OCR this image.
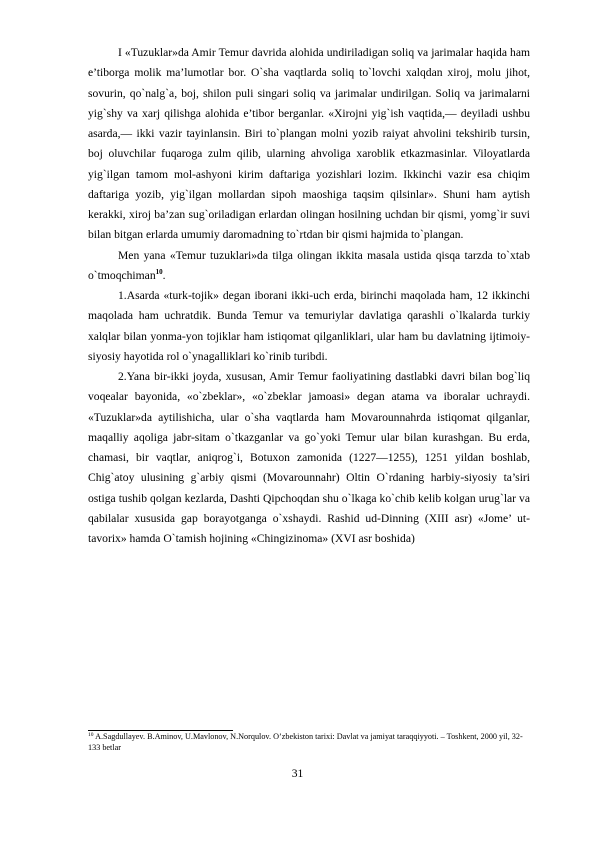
I «Tuzuklar»da Amir Temur davrida alohida undiriladigan soliq va jarimalar haqida ham e’tiborga molik ma’lumotlar bor. O`sha vaqtlarda soliq to`lovchi xalqdan xiroj, molu jihot, sovurin, qo`nalg`a, boj, shilon puli singari soliq va jarimalar undirilgan. Soliq va jarimalarni yig`shy va xarj qilishga alohida e’tibor berganlar. «Xirojni yig`ish vaqtida,— deyiladi ushbu asarda,— ikki vazir tayinlansin. Biri to`plangan molni yozib raiyat ahvolini tekshirib tursin, boj oluvchilar fuqaroga zulm qilib, ularning ahvoliga xaroblik etkazmasinlar. Viloyatlarda yig`ilgan tamom mol-ashyoni kirim daftariga yozishlari lozim. Ikkinchi vazir esa chiqim daftariga yozib, yig`ilgan mollardan sipoh maoshiga taqsim qilsinlar». Shuni ham aytish kerakki, xiroj ba’zan sug`oriladigan erlardan olingan hosilning uchdan bir qismi, yomg`ir suvi bilan bitgan erlarda umumiy daromadning to`rtdan bir qismi hajmida to`plangan.

Men yana «Temur tuzuklari»da tilga olingan ikkita masala ustida qisqa tarzda to`xtab o`tmoqchiman$^{10}$.

1.Asarda «turk-tojik» degan iborani ikki-uch erda, birinchi maqolada ham, 12 ikkinchi maqolada ham uchratdik. Bunda Temur va temuriylar davlatiga qarashli o`lkalarda turkiy xalqlar bilan yonma-yon tojiklar ham istiqomat qilganliklari, ular ham bu davlatning ijtimoiy-siyosiy hayotida rol o`ynagalliklari ko`rinib turibdi.

2.Yana bir-ikki joyda, xususan, Amir Temur faoliyatining dastlabki davri bilan bog`liq voqealar bayonida, «o`zbeklar», «o`zbeklar jamoasi» degan atama va iboralar uchraydi. «Tuzuklar»da aytilishicha, ular o`sha vaqtlarda ham Movarounnahrda istiqomat qilganlar, maqalliy aqoliga jabr-sitam o`tkazganlar va go`yoki Temur ular bilan kurashgan. Bu erda, chamasi, bir vaqtlar, aniqrog`i, Botuxon zamonida (1227—1255), 1251 yildan boshlab, Chig`atoy ulusining g`arbiy qismi (Movarounnahr) Oltin O`rdaning harbiy-siyosiy ta’siri ostiga tushib qolgan kezlarda, Dashti Qipchoqdan shu o`lkaga ko`chib kelib kolgan urug`lar va qabilalar xususida gap borayotganga o`xshaydi. Rashid ud-Dinning (XIII asr) «Jome’ ut-tavorix» hamda O`tamish hojining «Chingizinoma» (XVI asr boshida)

$^{10}$ A.Sagdullayev. B.Aminov, U.Mavlonov, N.Norqulov. O’zbekiston tarixi: Davlat va jamiyat taraqqiyyoti. – Toshkent, 2000 yil, 32-133 betlar

31
